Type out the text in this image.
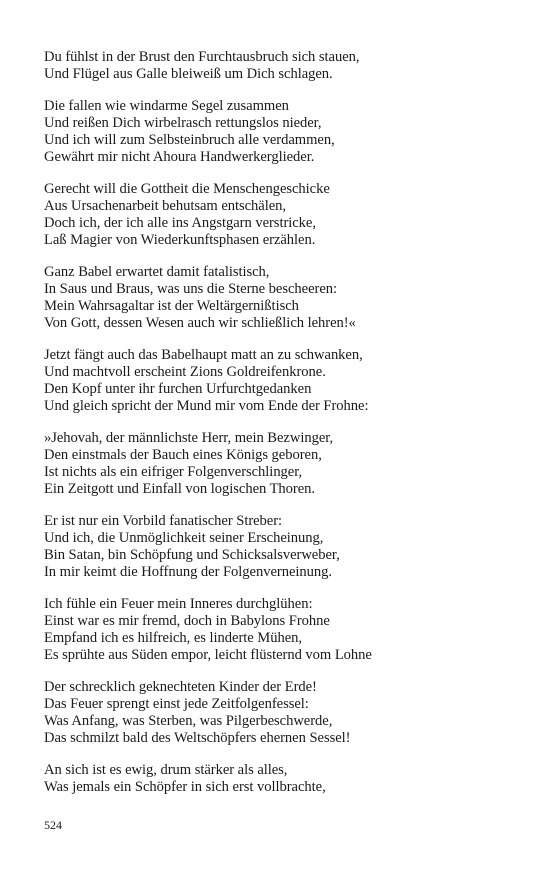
Du fühlst in der Brust den Furchtausbruch sich stauen,
Und Flügel aus Galle bleiweiß um Dich schlagen.
Die fallen wie windarme Segel zusammen
Und reißen Dich wirbelrasch rettungslos nieder,
Und ich will zum Selbsteinbruch alle verdammen,
Gewährt mir nicht Ahoura Handwerkerglieder.
Gerecht will die Gottheit die Menschengeschicke
Aus Ursachenarbeit behutsam entschälen,
Doch ich, der ich alle ins Angstgarn verstricke,
Laß Magier von Wiederkunftsphasen erzählen.
Ganz Babel erwartet damit fatalistisch,
In Saus und Braus, was uns die Sterne bescheeren:
Mein Wahrsagaltar ist der Weltärgernißtisch
Von Gott, dessen Wesen auch wir schließlich lehren!«
Jetzt fängt auch das Babelhaupt matt an zu schwanken,
Und machtvoll erscheint Zions Goldreifenkrone.
Den Kopf unter ihr furchen Urfurchtgedanken
Und gleich spricht der Mund mir vom Ende der Frohne:
»Jehovah, der männlichste Herr, mein Bezwinger,
Den einstmals der Bauch eines Königs geboren,
Ist nichts als ein eifriger Folgenverschlinger,
Ein Zeitgott und Einfall von logischen Thoren.
Er ist nur ein Vorbild fanatischer Streber:
Und ich, die Unmöglichkeit seiner Erscheinung,
Bin Satan, bin Schöpfung und Schicksalsverweber,
In mir keimt die Hoffnung der Folgenverneinung.
Ich fühle ein Feuer mein Inneres durchglühen:
Einst war es mir fremd, doch in Babylons Frohne
Empfand ich es hilfreich, es linderte Mühen,
Es sprühte aus Süden empor, leicht flüsternd vom Lohne
Der schrecklich geknechteten Kinder der Erde!
Das Feuer sprengt einst jede Zeitfolgenfessel:
Was Anfang, was Sterben, was Pilgerbeschwerde,
Das schmilzt bald des Weltschöpfers ehernen Sessel!
An sich ist es ewig, drum stärker als alles,
Was jemals ein Schöpfer in sich erst vollbrachte,
524
